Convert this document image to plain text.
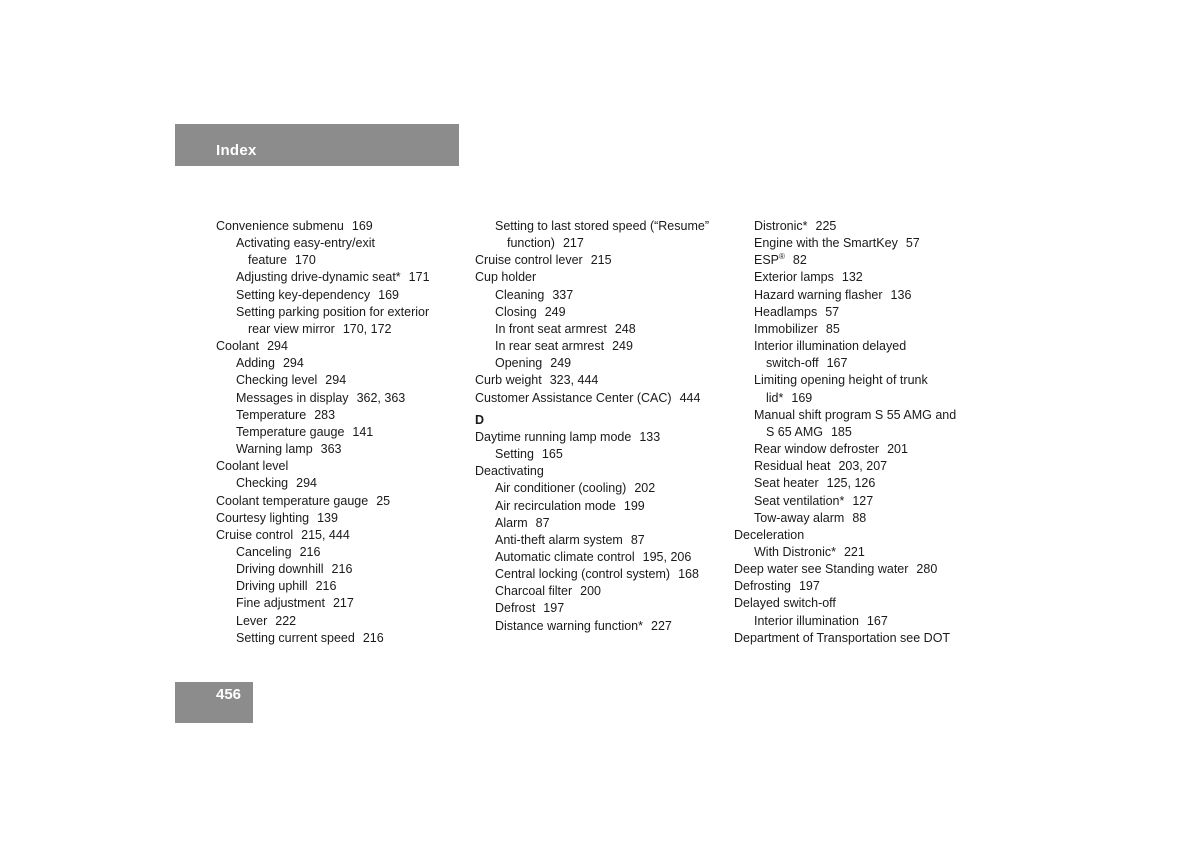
Index
Convenience submenu 169
Activating easy-entry/exit
feature 170
Adjusting drive-dynamic seat* 171
Setting key-dependency 169
Setting parking position for exterior
rear view mirror 170, 172
Coolant 294
Adding 294
Checking level 294
Messages in display 362, 363
Temperature 283
Temperature gauge 141
Warning lamp 363
Coolant level
Checking 294
Coolant temperature gauge 25
Courtesy lighting 139
Cruise control 215, 444
Canceling 216
Driving downhill 216
Driving uphill 216
Fine adjustment 217
Lever 222
Setting current speed 216
Setting to last stored speed (“Resume”
function) 217
Cruise control lever 215
Cup holder
Cleaning 337
Closing 249
In front seat armrest 248
In rear seat armrest 249
Opening 249
Curb weight 323, 444
Customer Assistance Center (CAC) 444
D
Daytime running lamp mode 133
Setting 165
Deactivating
Air conditioner (cooling) 202
Air recirculation mode 199
Alarm 87
Anti-theft alarm system 87
Automatic climate control 195, 206
Central locking (control system) 168
Charcoal filter 200
Defrost 197
Distance warning function* 227
Distronic* 225
Engine with the SmartKey 57
ESP® 82
Exterior lamps 132
Hazard warning flasher 136
Headlamps 57
Immobilizer 85
Interior illumination delayed
switch-off 167
Limiting opening height of trunk
lid* 169
Manual shift program S 55 AMG and
S 65 AMG 185
Rear window defroster 201
Residual heat 203, 207
Seat heater 125, 126
Seat ventilation* 127
Tow-away alarm 88
Deceleration
With Distronic* 221
Deep water see Standing water 280
Defrosting 197
Delayed switch-off
Interior illumination 167
Department of Transportation see DOT
456
